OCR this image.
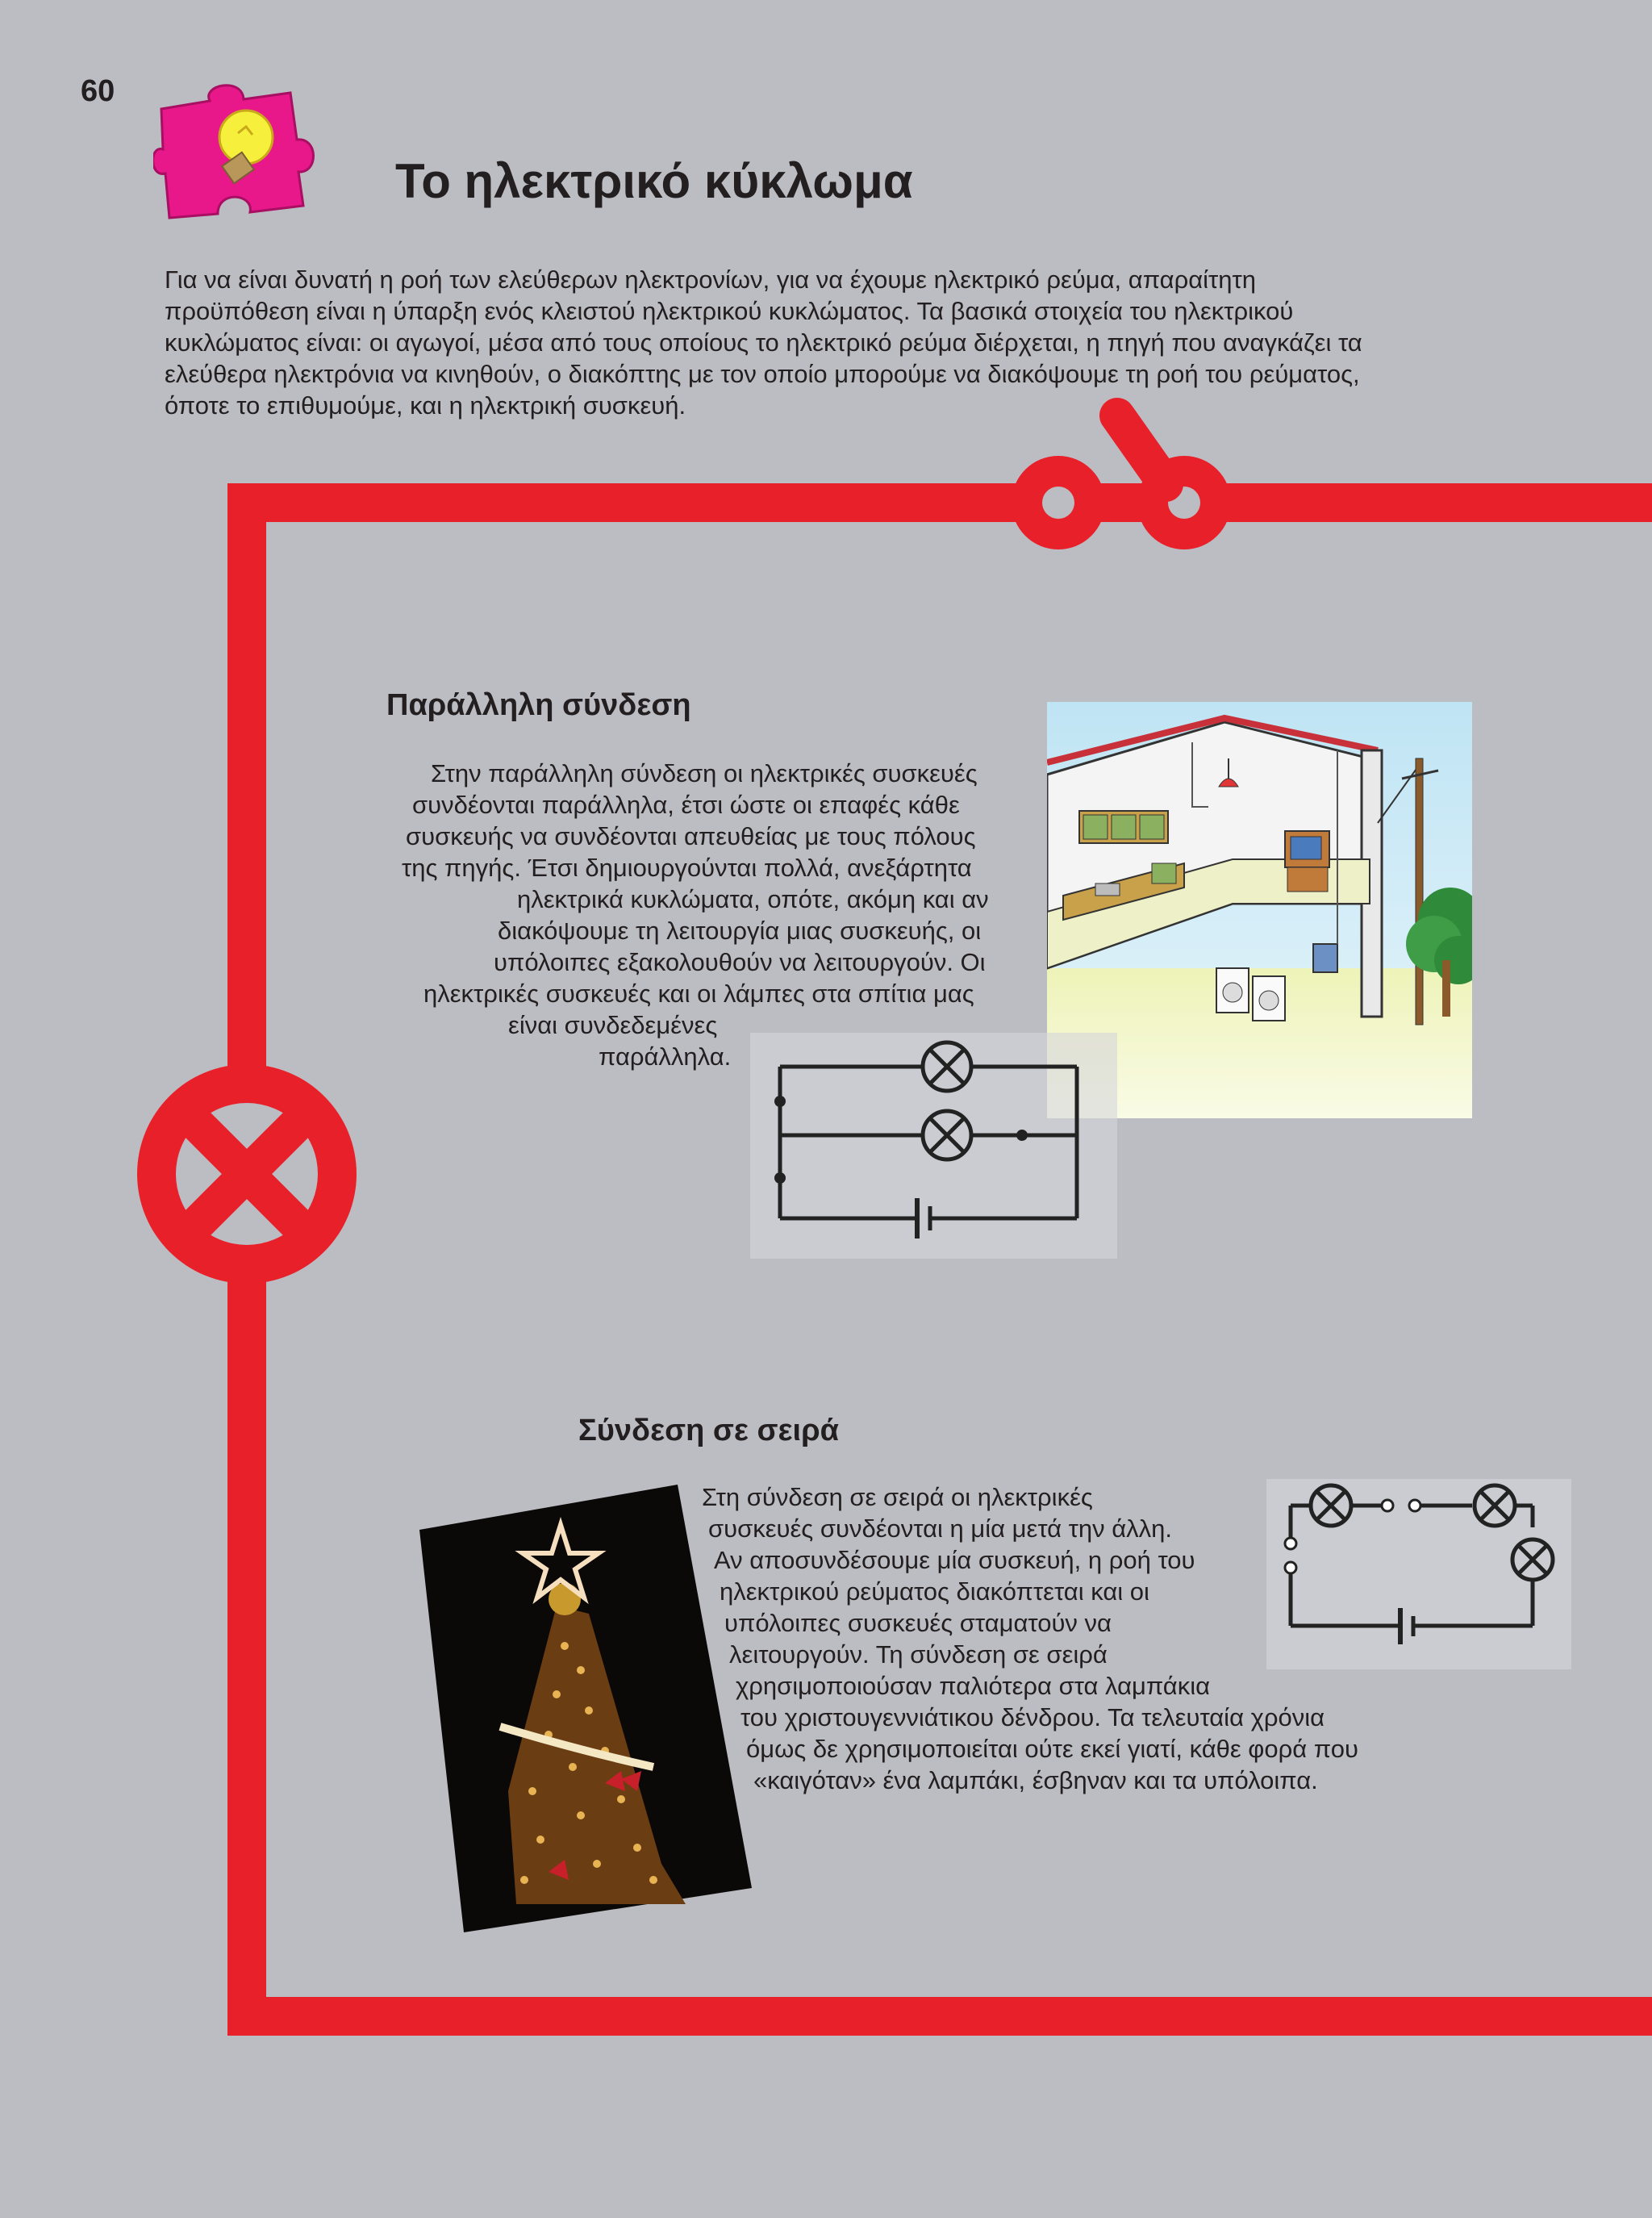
60
Το ηλεκτρικό κύκλωμα
Για να είναι δυνατή η ροή των ελεύθερων ηλεκτρονίων, για να έχουμε ηλεκτρικό ρεύμα, απαραίτητη
προϋπόθεση είναι η ύπαρξη ενός κλειστού ηλεκτρικού κυκλώματος. Τα βασικά στοιχεία του ηλεκτρικού
κυκλώματος είναι: οι αγωγοί, μέσα από τους οποίους το ηλεκτρικό ρεύμα διέρχεται, η πηγή που αναγκάζει τα
ελεύθερα ηλεκτρόνια να κινηθούν, ο διακόπτης με τον οποίο μπορούμε να διακόψουμε τη ροή του ρεύματος,
όποτε το επιθυμούμε, και η ηλεκτρική συσκευή.
Παράλληλη σύνδεση
Στην παράλληλη σύνδεση οι ηλεκτρικές συσκευές
συνδέονται παράλληλα, έτσι ώστε οι επαφές κάθε
συσκευής να συνδέονται απευθείας με τους πόλους
της πηγής. Έτσι δημιουργούνται πολλά, ανεξάρτητα
ηλεκτρικά κυκλώματα, οπότε, ακόμη και αν
διακόψουμε τη λειτουργία μιας συσκευής, οι
υπόλοιπες εξακολουθούν να λειτουργούν. Οι
ηλεκτρικές συσκευές και οι λάμπες στα σπίτια μας
είναι συνδεδεμένες
παράλληλα.
Σύνδεση σε σειρά
Στη σύνδεση σε σειρά οι ηλεκτρικές
συσκευές συνδέονται η μία μετά την άλλη.
Αν αποσυνδέσουμε μία συσκευή, η ροή του
ηλεκτρικού ρεύματος διακόπτεται και οι
υπόλοιπες συσκευές σταματούν να
λειτουργούν. Τη σύνδεση σε σειρά
χρησιμοποιούσαν παλιότερα στα λαμπάκια
του χριστουγεννιάτικου δένδρου. Τα τελευταία χρόνια
όμως δε χρησιμοποιείται ούτε εκεί γιατί, κάθε φορά που
«καιγόταν» ένα λαμπάκι, έσβηναν και τα υπόλοιπα.
